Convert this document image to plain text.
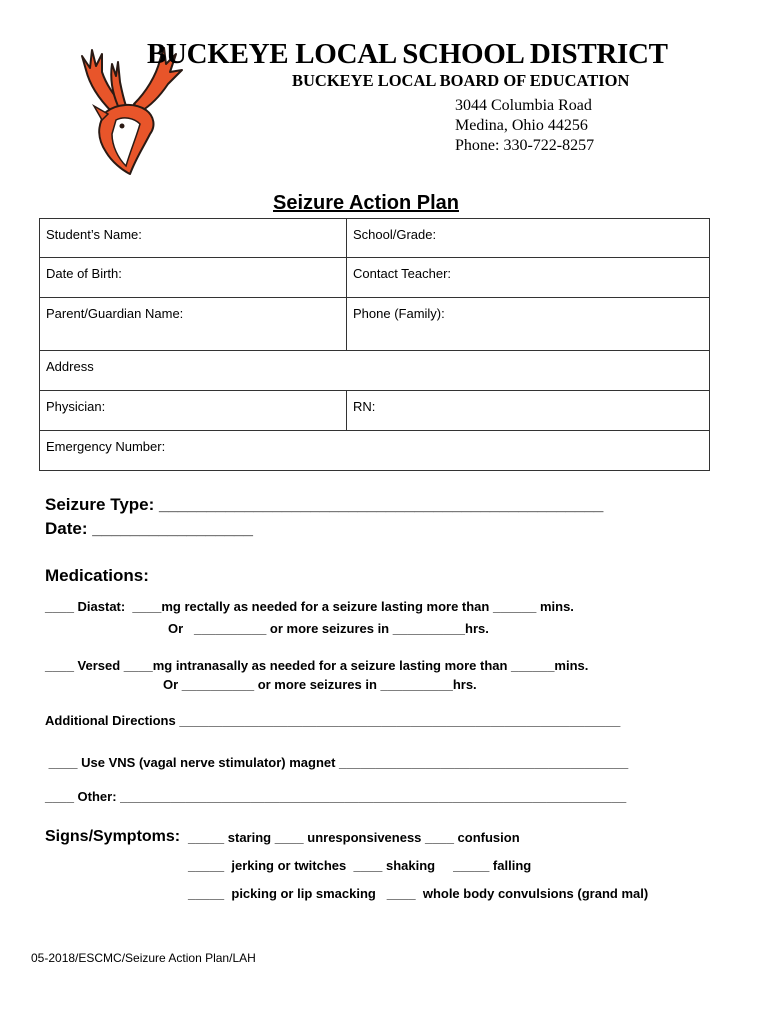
BUCKEYE LOCAL SCHOOL DISTRICT
BUCKEYE LOCAL BOARD OF EDUCATION
3044 Columbia Road
Medina, Ohio 44256
Phone: 330-722-8257
Seizure Action Plan
Student’s Name:	School/Grade:
Date of Birth:	Contact Teacher:
Parent/Guardian Name:	Phone (Family):
Address	
Physician:	RN:
Emergency Number:	
Seizure Type: _______________________________________________
Date: _________________
Medications:
____ Diastat:  ____mg rectally as needed for a seizure lasting more than ______ mins.
Or   __________ or more seizures in __________hrs.
____ Versed ____mg intranasally as needed for a seizure lasting more than ______mins.
Or __________ or more seizures in __________hrs.
Additional Directions _____________________________________________________________
____ Use VNS (vagal nerve stimulator) magnet ________________________________________
____ Other: ______________________________________________________________________
Signs/Symptoms: _____ staring ____ unresponsiveness ____ confusion
_____  jerking or twitches  ____ shaking     _____ falling
_____  picking or lip smacking   ____  whole body convulsions (grand mal)
05-2018/ESCMC/Seizure Action Plan/LAH
